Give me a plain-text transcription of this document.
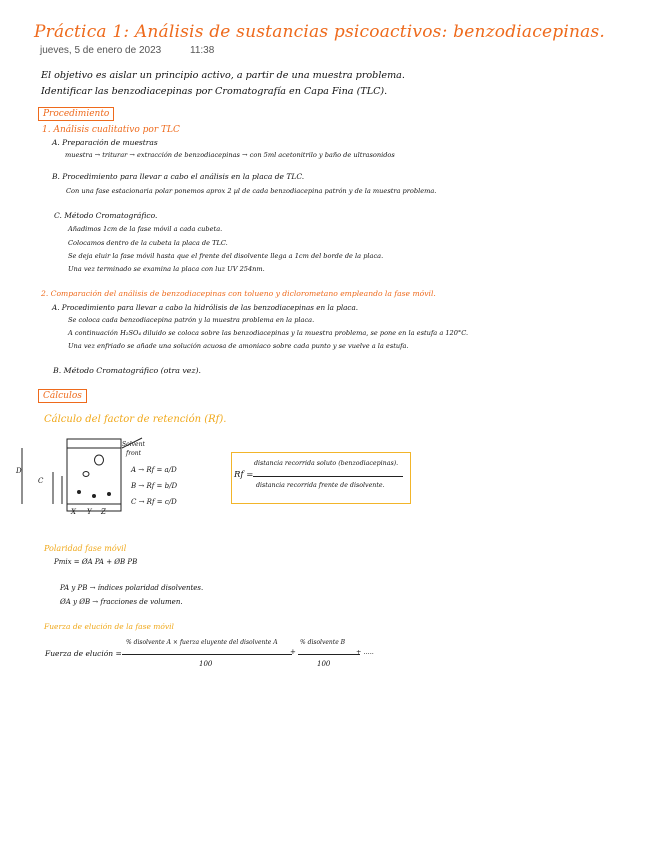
Práctica 1: Análisis de sustancias psicoactivos: benzodiacepinas.
jueves, 5 de enero de 2023	11:38
El objetivo es aislar un principio activo, a partir de una muestra problema.
Identificar las benzodiacepinas por Cromatografía en Capa Fina (TLC).
Procedimiento
1. Análisis cualitativo por TLC
A. Preparación de muestras
muestra → triturar → extracción de benzodiacepinas → con 5ml acetonitrilo y baño de ultrasonidos
B. Procedimiento para llevar a cabo el análisis en la placa de TLC.
Con una fase estacionaria polar ponemos aprox 2 µl de cada benzodiacepina patrón y de la muestra problema.
C. Método Cromatográfico.
Añadimos 1cm de la fase móvil a cada cubeta.
Colocamos dentro de la cubeta la placa de TLC.
Se deja eluir la fase móvil hasta que el frente del disolvente llega a 1cm del borde de la placa.
Una vez terminado se examina la placa con luz UV 254nm.
2. Comparación del análisis de benzodiacepinas con tolueno y diclorometano empleando la fase móvil.
A. Procedimiento para llevar a cabo la hidrólisis de las benzodiacepinas en la placa.
Se coloca cada benzodiacepina patrón y la muestra problema en la placa.
A continuación H₂SO₄ diluido se coloca sobre las benzodiacepinas y la muestra problema, se pone en la estufa a 120°C.
Una vez enfriado se añade una solución acuosa de amoniaco sobre cada punto y se vuelve a la estufa.
B. Método Cromatográfico (otra vez).
Cálculos
Cálculo del factor de retención (Rf).
D
C
X Y Z
Solvent
front
A → Rf = a/D
B → Rf = b/D
C → Rf = c/D
Rf =
distancia recorrida soluto (benzodiacepinas).
distancia recorrida frente de disolvente.
Polaridad fase móvil
Pmix = ØA PA + ØB PB
PA y PB → índices polaridad disolventes.
ØA y ØB → fracciones de volumen.
Fuerza de elución de la fase móvil
Fuerza de elución =
% disolvente A × fuerza eluyente del disolvente A
100
+
% disolvente B
100
+ .....
